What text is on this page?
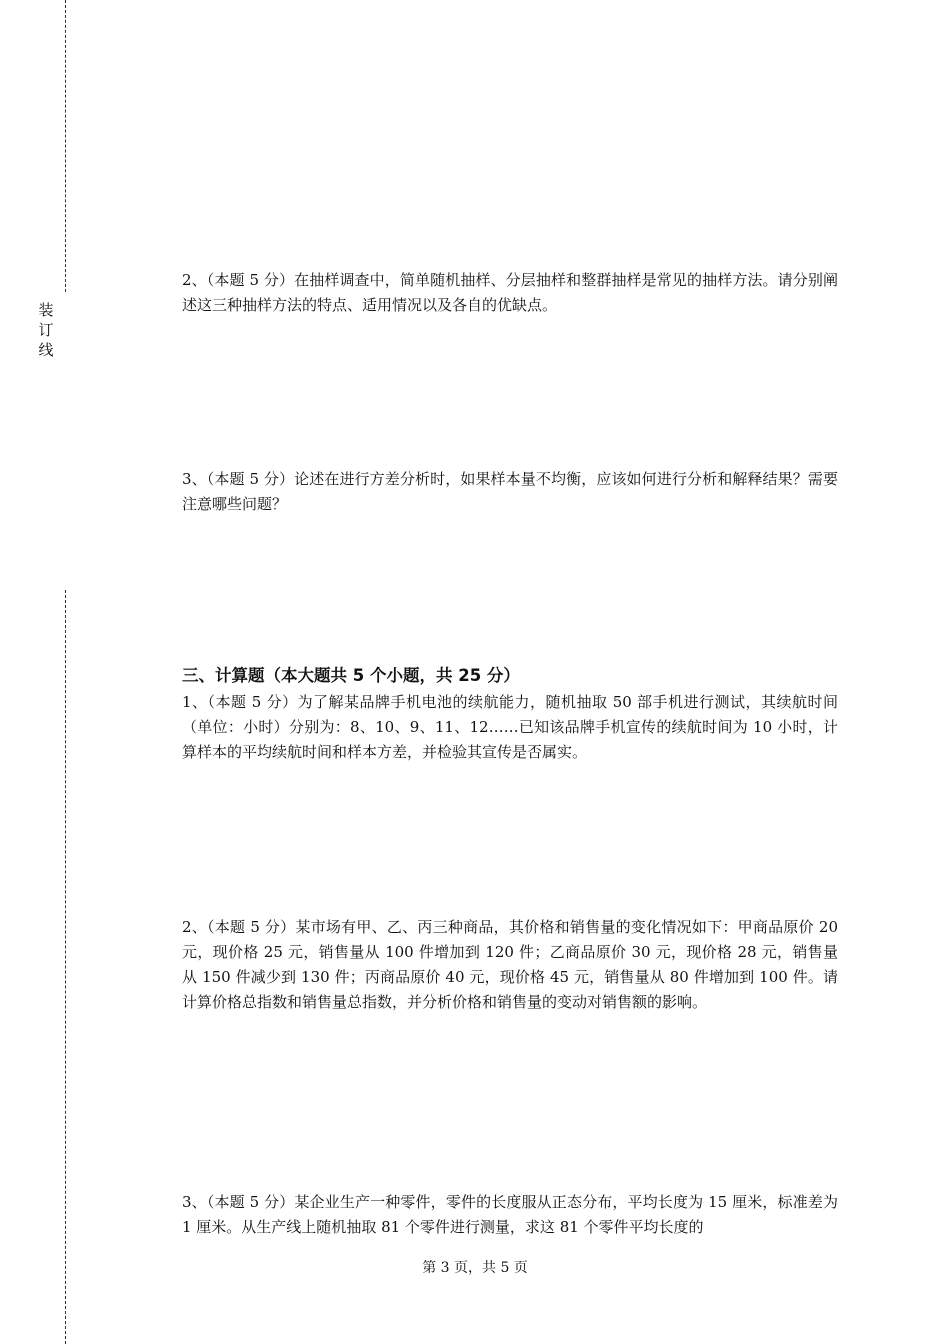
装
订
线

2、（本题 5 分）在抽样调查中，简单随机抽样、分层抽样和整群抽样是常见的抽样方法。请分别阐述这三种抽样方法的特点、适用情况以及各自的优缺点。

3、（本题 5 分）论述在进行方差分析时，如果样本量不均衡，应该如何进行分析和解释结果？需要注意哪些问题？

三、计算题（本大题共 5 个小题，共 25 分）

1、（本题 5 分）为了解某品牌手机电池的续航能力，随机抽取 50 部手机进行测试，其续航时间（单位：小时）分别为：8、10、9、11、12……已知该品牌手机宣传的续航时间为 10 小时，计算样本的平均续航时间和样本方差，并检验其宣传是否属实。

2、（本题 5 分）某市场有甲、乙、丙三种商品，其价格和销售量的变化情况如下：甲商品原价 20 元，现价格 25 元，销售量从 100 件增加到 120 件；乙商品原价 30 元，现价格 28 元，销售量从 150 件减少到 130 件；丙商品原价 40 元，现价格 45 元，销售量从 80 件增加到 100 件。请计算价格总指数和销售量总指数，并分析价格和销售量的变动对销售额的影响。

3、（本题 5 分）某企业生产一种零件，零件的长度服从正态分布，平均长度为 15 厘米，标准差为 1 厘米。从生产线上随机抽取 81 个零件进行测量，求这 81 个零件平均长度的

第 3 页，共 5 页
